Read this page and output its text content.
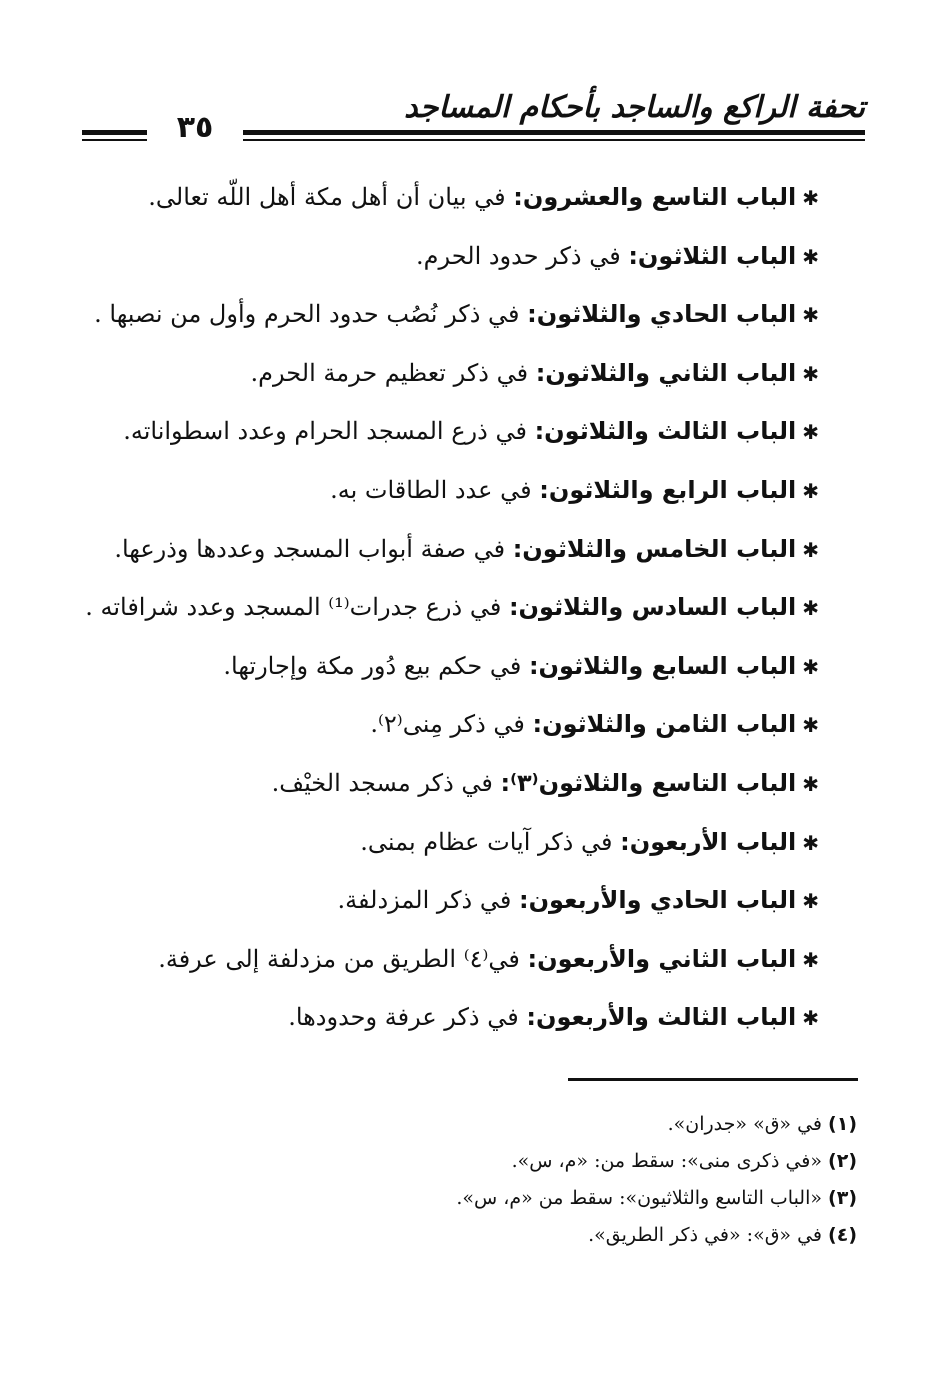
تحفة الراكع والساجد بأحكام المساجد
٣٥
✱الباب التاسع والعشرون: في بيان أن أهل مكة أهل اللّه تعالى.
✱الباب الثلاثون: في ذكر حدود الحرم.
✱الباب الحادي والثلاثون: في ذكر نُصُب حدود الحرم وأول من نصبها .
✱الباب الثاني والثلاثون: في ذكر تعظيم حرمة الحرم.
✱الباب الثالث والثلاثون: في ذرع المسجد الحرام وعدد اسطواناته.
✱الباب الرابع والثلاثون: في عدد الطاقات به.
✱الباب الخامس والثلاثون: في صفة أبواب المسجد وعددها وذرعها.
✱الباب السادس والثلاثون: في ذرع جدرات⁽¹⁾ المسجد وعدد شرافاته .
✱الباب السابع والثلاثون: في حكم بيع دُور مكة وإجارتها.
✱الباب الثامن والثلاثون: في ذكر مِنى⁽٢⁾.
✱الباب التاسع والثلاثون⁽٣⁾: في ذكر مسجد الخيْف.
✱الباب الأربعون: في ذكر آيات عظام بمنى.
✱الباب الحادي والأربعون: في ذكر المزدلفة.
✱الباب الثاني والأربعون: في⁽٤⁾ الطريق من مزدلفة إلى عرفة.
✱الباب الثالث والأربعون: في ذكر عرفة وحدودها.
(١)في «ق» «جدران».
(٢)«في ذكرى منى»: سقط من: «م، س».
(٣)«الباب التاسع والثلاثيون»: سقط من «م، س».
(٤)في «ق»: «في ذكر الطريق».
